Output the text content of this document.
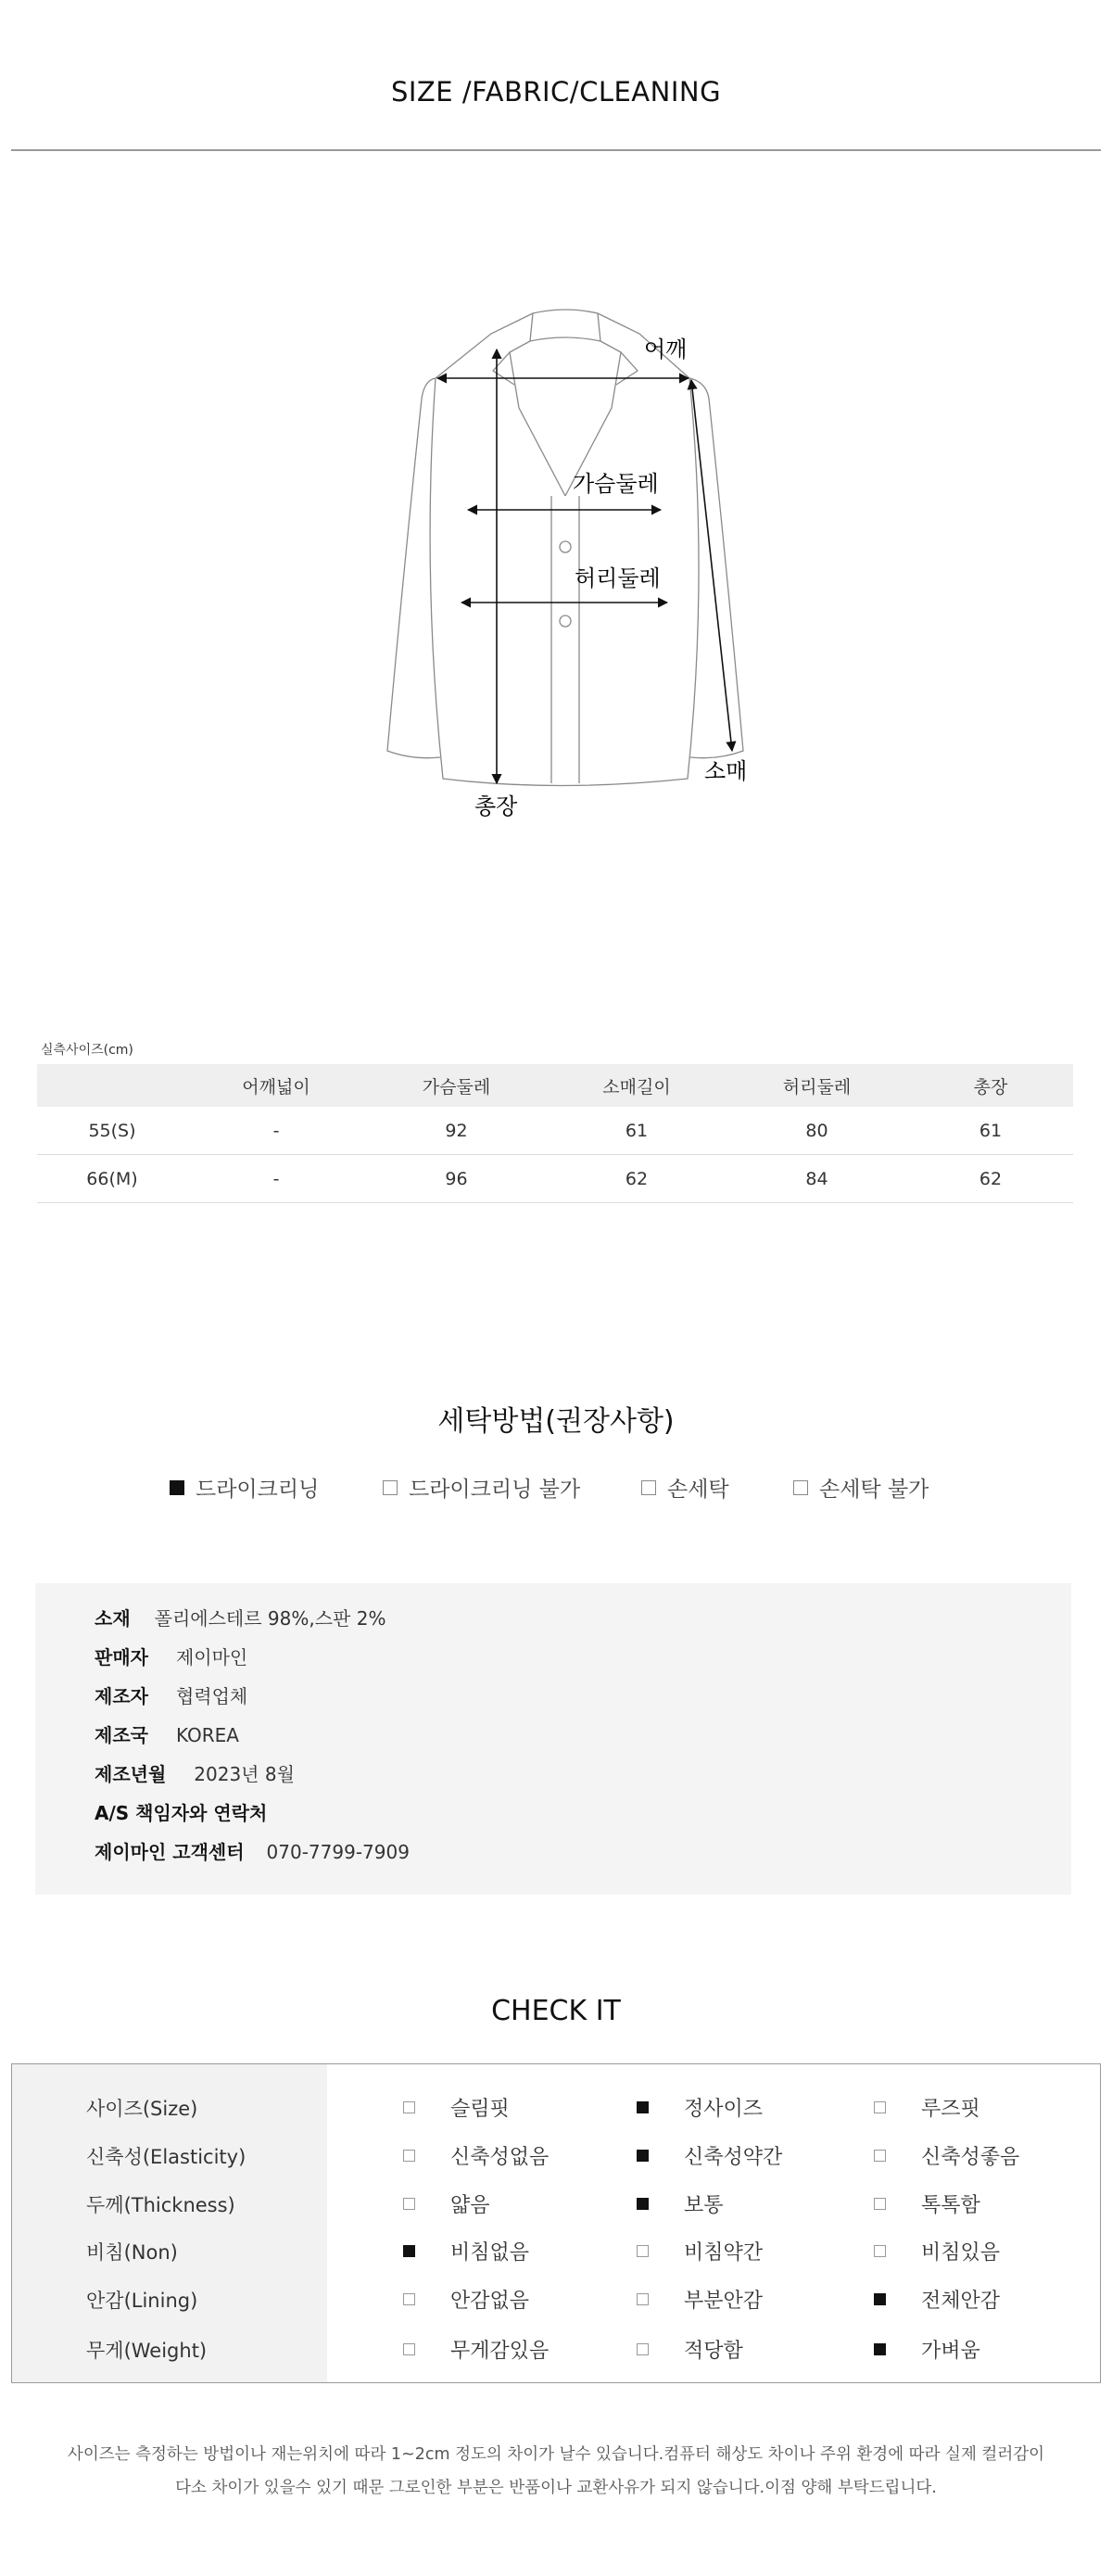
SIZE /FABRIC/CLEANING
어깨
가슴둘레
허리둘레
소매
총장
실측사이즈(cm)
	어깨넓이	가슴둘레	소매길이	허리둘레	총장
55(S)	-	92	61	80	61
66(M)	-	96	62	84	62
세탁방법(권장사항)
드라이크리닝	드라이크리닝 불가	손세탁	손세탁 불가
소재 폴리에스테르 98%,스판 2%
판매자 제이마인
제조자 협력업체
제조국 KOREA
제조년월 2023년 8월
A/S 책임자와 연락처
제이마인 고객센터 070-7799-7909
CHECK IT
사이즈(Size)	슬림핏	정사이즈	루즈핏
신축성(Elasticity)	신축성없음	신축성약간	신축성좋음
두께(Thickness)	얇음	보통	톡톡함
비침(Non)	비침없음	비침약간	비침있음
안감(Lining)	안감없음	부분안감	전체안감
무게(Weight)	무게감있음	적당함	가벼움
사이즈는 측정하는 방법이나 재는위치에 따라 1~2cm 정도의 차이가 날수 있습니다.컴퓨터 해상도 차이나 주위 환경에 따라 실제 컬러감이
다소 차이가 있을수 있기 때문 그로인한 부분은 반품이나 교환사유가 되지 않습니다.이점 양해 부탁드립니다.
